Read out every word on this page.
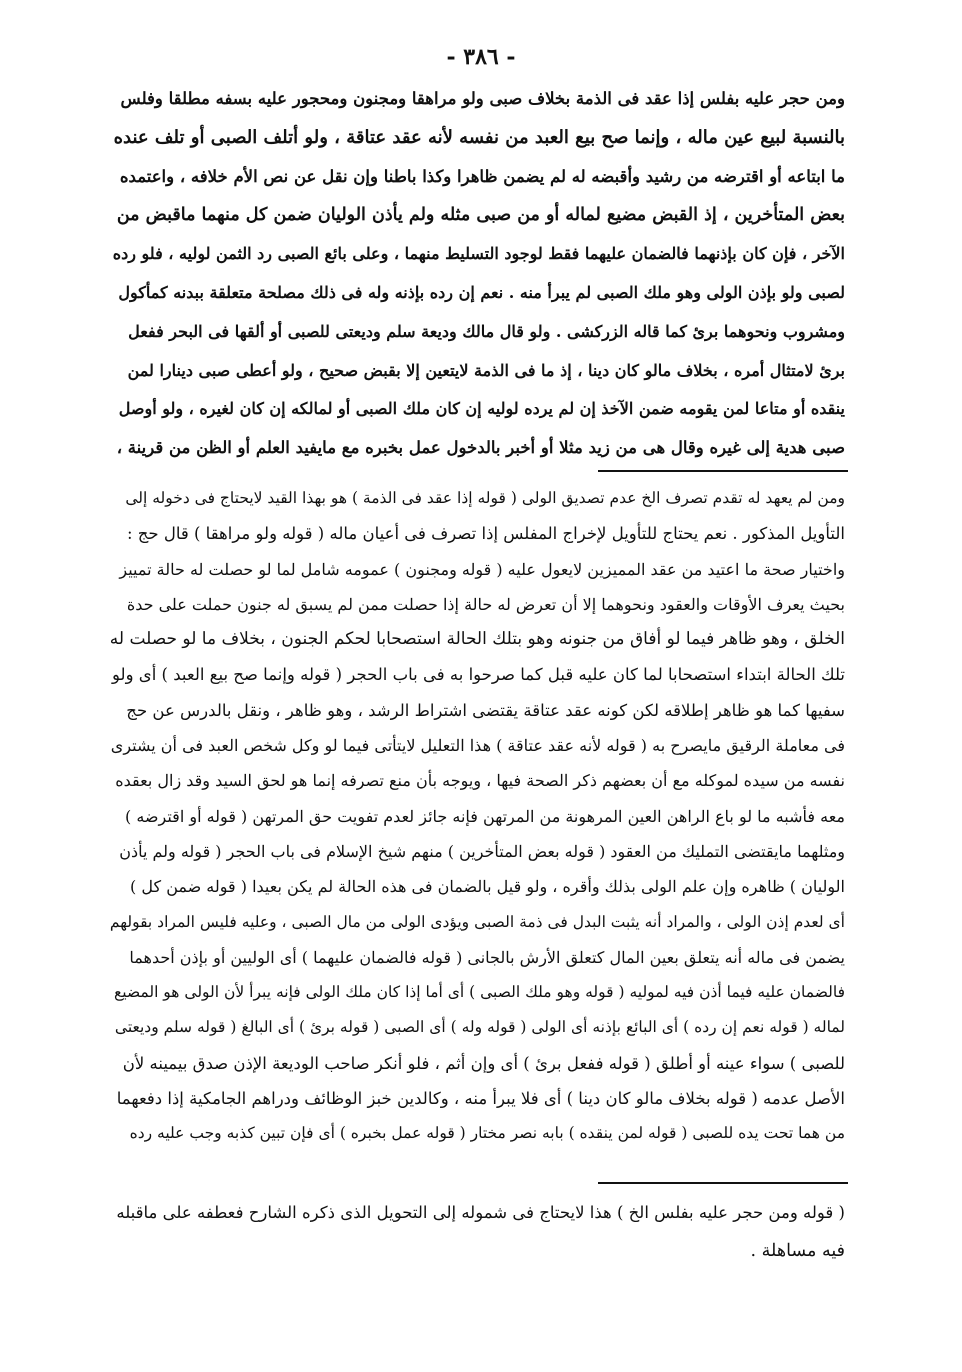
- ٣٨٦ -
ومن حجر عليه بفلس إذا عقد فى الذمة بخلاف صبى ولو مراهقا ومجنون ومحجور عليه بسفه مطلقا وفلس
بالنسبة لبيع عين ماله ، وإنما صح بيع العبد من نفسه لأنه عقد عتاقة ، ولو أتلف الصبى أو تلف عنده
ما ابتاعه أو اقترضه من رشيد وأقبضه له لم يضمن ظاهرا وكذا باطنا وإن نقل عن نص الأم خلافه ، واعتمده
بعض المتأخرين ، إذ القبض مضيع لماله أو من صبى مثله ولم يأذن الوليان ضمن كل منهما ماقبض من
الآخر ، فإن كان بإذنهما فالضمان عليهما فقط لوجود التسليط منهما ، وعلى بائع الصبى رد الثمن لوليه ، فلو رده
لصبى ولو بإذن الولى وهو ملك الصبى لم يبرأ منه . نعم إن رده بإذنه وله فى ذلك مصلحة متعلقة ببدنه كمأكول
ومشروب ونحوهما برئ كما قاله الزركشى . ولو قال مالك وديعة سلم وديعتى للصبى أو ألقها فى البحر ففعل
برئ لامتثال أمره ، بخلاف مالو كان دينا ، إذ ما فى الذمة لايتعين إلا بقبض صحيح ، ولو أعطى صبى دينارا لمن
ينقده أو متاعا لمن يقومه ضمن الآخذ إن لم يرده لوليه إن كان ملك الصبى أو لمالكه إن كان لغيره ، ولو أوصل
صبى هدية إلى غيره وقال هى من زيد مثلا أو أخبر بالدخول عمل بخبره مع مايفيد العلم أو الظن من قرينة ،
ومن لم يعهد له تقدم تصرف الخ عدم تصديق الولى ( قوله إذا عقد فى الذمة ) هو بهذا القيد لايحتاج فى دخوله إلى
التأويل المذكور . نعم يحتاج للتأويل لإخراج المفلس إذا تصرف فى أعيان ماله ( قوله ولو مراهقا ) قال حج :
واختيار صحة ما اعتيد من عقد المميزين لايعول عليه ( قوله ومجنون ) عمومه شامل لما لو حصلت له حالة تمييز
بحيث يعرف الأوقات والعقود ونحوهما إلا أن تعرض له حالة إذا حصلت ممن لم يسبق له جنون حملت على حدة
الخلق ، وهو ظاهر فيما لو أفاق من جنونه وهو بتلك الحالة استصحابا لحكم الجنون ، بخلاف ما لو حصلت له
تلك الحالة ابتداء استصحابا لما كان عليه قبل كما صرحوا به فى باب الحجر ( قوله وإنما صح بيع العبد ) أى ولو
سفيها كما هو ظاهر إطلاقه لكن كونه عقد عتاقة يقتضى اشتراط الرشد ، وهو ظاهر ، ونقل بالدرس عن حج
فى معاملة الرقيق مايصرح به ( قوله لأنه عقد عتاقة ) هذا التعليل لايتأتى فيما لو وكل شخص العبد فى أن يشترى
نفسه من سيده لموكله مع أن بعضهم ذكر الصحة فيها ، ويوجه بأن منع تصرفه إنما هو لحق السيد وقد زال بعقده
معه فأشبه ما لو باع الراهن العين المرهونة من المرتهن فإنه جائز لعدم تفويت حق المرتهن ( قوله أو اقترضه )
ومثلهما مايقتضى التمليك من العقود ( قوله بعض المتأخرين ) منهم شيخ الإسلام فى باب الحجر ( قوله ولم يأذن
الوليان ) ظاهره وإن علم الولى بذلك وأقره ، ولو قيل بالضمان فى هذه الحالة لم يكن بعيدا ( قوله ضمن كل )
أى لعدم إذن الولى ، والمراد أنه يثبت البدل فى ذمة الصبى ويؤدى الولى من مال الصبى ، وعليه فليس المراد بقولهم
يضمن فى ماله أنه يتعلق بعين المال كتعلق الأرش بالجانى ( قوله فالضمان عليهما ) أى الوليين أو بإذن أحدهما
فالضمان عليه فيما أذن فيه لموليه ( قوله وهو ملك الصبى ) أى أما إذا كان ملك الولى فإنه يبرأ لأن الولى هو المضيع
لماله ( قوله نعم إن رده ) أى البائع بإذنه أى الولى ( قوله وله ) أى الصبى ( قوله برئ ) أى البالغ ( قوله سلم وديعتى
للصبى ) سواء عينه أو أطلق ( قوله ففعل برئ ) أى وإن أثم ، فلو أنكر صاحب الوديعة الإذن صدق بيمينه لأن
الأصل عدمه ( قوله بخلاف مالو كان دينا ) أى فلا يبرأ منه ، وكالدين خبز الوظائف ودراهم الجامكية إذا دفعهما
من هما تحت يده للصبى ( قوله لمن ينقده ) بابه نصر مختار ( قوله عمل بخبره ) أى فإن تبين كذبه وجب عليه رده
( قوله ومن حجر عليه بفلس الخ ) هذا لايحتاج فى شموله إلى التحويل الذى ذكره الشارح فعطفه على ماقبله
فيه مساهلة .
